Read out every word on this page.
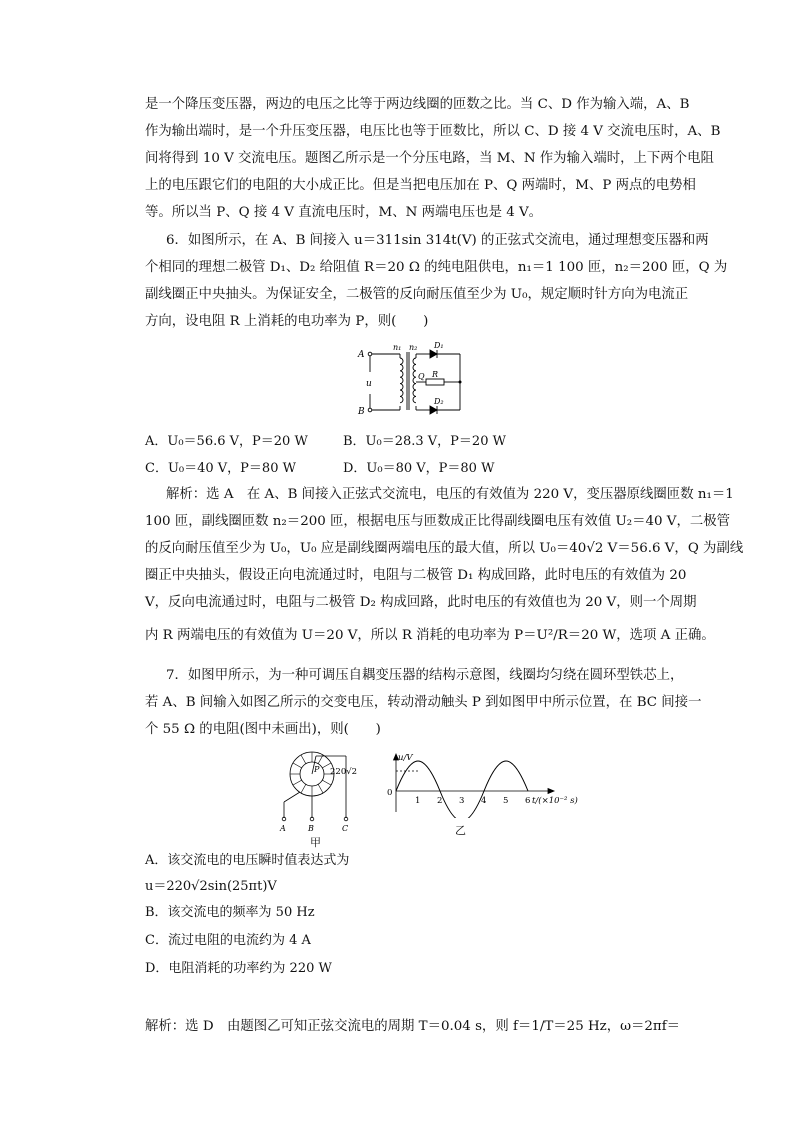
是一个降压变压器，两边的电压之比等于两边线圈的匝数之比。当 C、D 作为输入端，A、B
作为输出端时，是一个升压变压器，电压比也等于匝数比，所以 C、D 接 4 V 交流电压时，A、B
间将得到 10 V 交流电压。题图乙所示是一个分压电路，当 M、N 作为输入端时，上下两个电阻
上的电压跟它们的电阻的大小成正比。但是当把电压加在 P、Q 两端时，M、P 两点的电势相
等。所以当 P、Q 接 4 V 直流电压时，M、N 两端电压也是 4 V。
6．如图所示，在 A、B 间接入 u＝311sin 314t(V) 的正弦式交流电，通过理想变压器和两
个相同的理想二极管 D₁、D₂ 给阻值 R＝20 Ω 的纯电阻供电，n₁＝1 100 匝，n₂＝200 匝，Q 为
副线圈正中央抽头。为保证安全，二极管的反向耐压值至少为 U₀，规定顺时针方向为电流正
方向，设电阻 R 上消耗的电功率为 P，则(　　)
A
B
u
n₁ n₂
Q R
D₁
D₂
A．U₀＝56.6 V，P＝20 W	B．U₀＝28.3 V，P＝20 W
C．U₀＝40 V，P＝80 W	D．U₀＝80 V，P＝80 W
解析：选 A　在 A、B 间接入正弦式交流电，电压的有效值为 220 V，变压器原线圈匝数 n₁＝1
100 匝，副线圈匝数 n₂＝200 匝，根据电压与匝数成正比得副线圈电压有效值 U₂＝40 V，二极管
的反向耐压值至少为 U₀，U₀ 应是副线圈两端电压的最大值，所以 U₀＝40√2 V＝56.6 V，Q 为副线
圈正中央抽头，假设正向电流通过时，电阻与二极管 D₁ 构成回路，此时电压的有效值为 20
V，反向电流通过时，电阻与二极管 D₂ 构成回路，此时电压的有效值也为 20 V，则一个周期
内 R 两端电压的有效值为 U＝20 V，所以 R 消耗的电功率为 P＝U²/R＝20 W，选项 A 正确。
7．如图甲所示，为一种可调压自耦变压器的结构示意图，线圈均匀绕在圆环型铁芯上，
若 A、B 间输入如图乙所示的交变电压，转动滑动触头 P 到如图甲中所示位置，在 BC 间接一
个 55 Ω 的电阻(图中未画出)，则(　　)
P
A	B	C
甲
220√2
u/V
0
1 2 3 4 5 6 t/(×10⁻² s)
乙
A．该交流电的电压瞬时值表达式为
u＝220√2sin(25πt)V
B．该交流电的频率为 50 Hz
C．流过电阻的电流约为 4 A
D．电阻消耗的功率约为 220 W
解析：选 D　由题图乙可知正弦交流电的周期 T＝0.04 s，则 f＝1/T＝25 Hz，ω＝2πf＝
